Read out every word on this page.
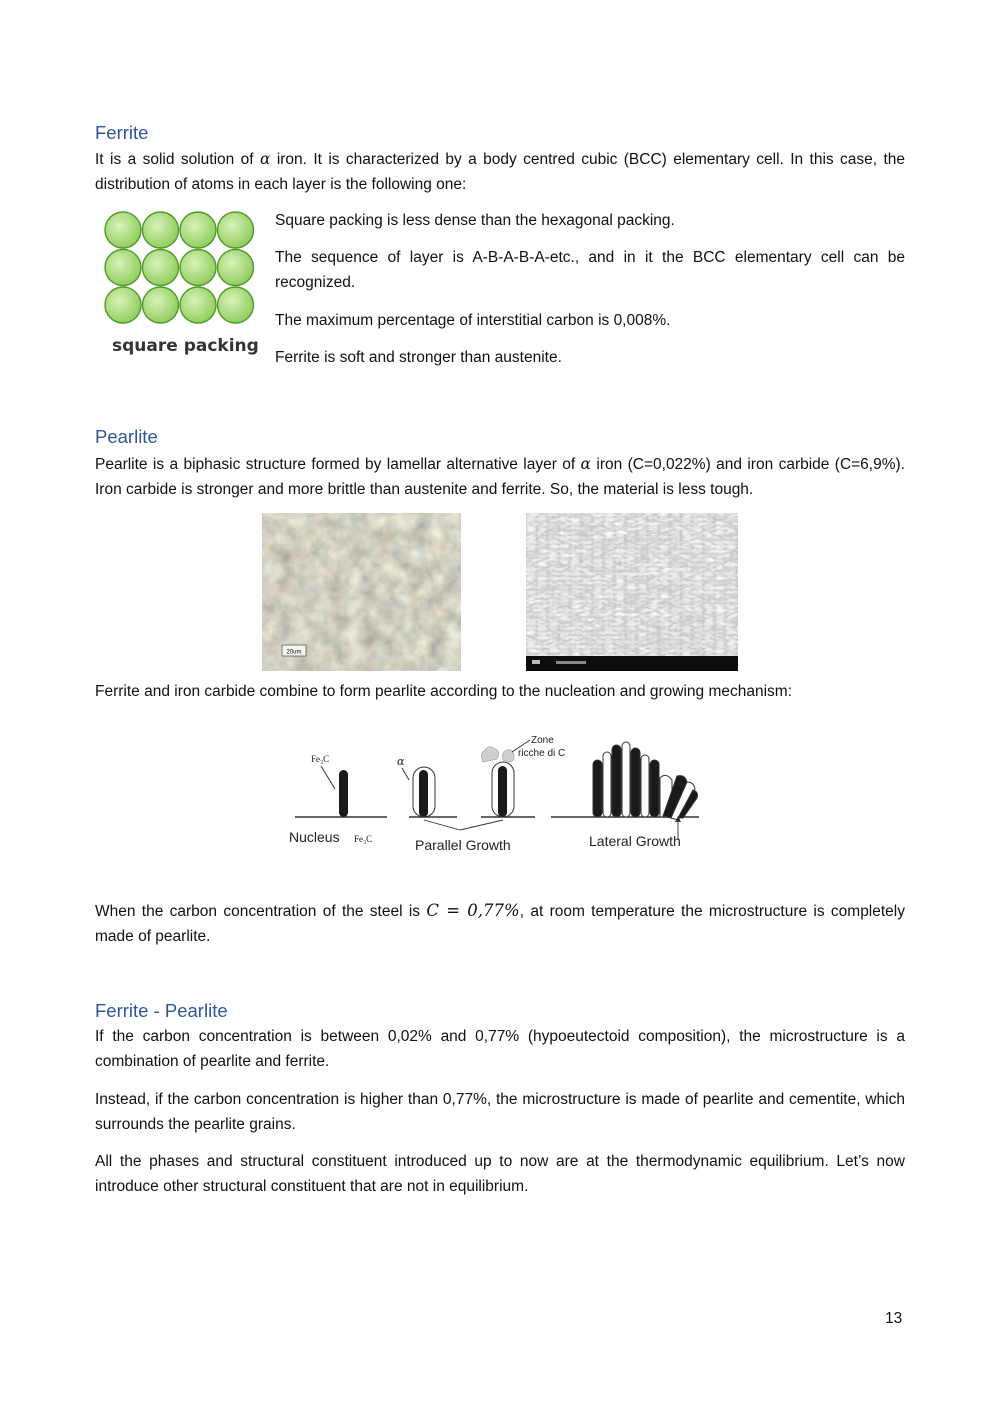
Ferrite

It is a solid solution of α iron. It is characterized by a body centred cubic (BCC) elementary cell. In this case, the distribution of atoms in each layer is the following one:

square packing

Square packing is less dense than the hexagonal packing.

The sequence of layer is A-B-A-B-A-etc., and in it the BCC elementary cell can be recognized.

The maximum percentage of interstitial carbon is 0,008%.

Ferrite is soft and stronger than austenite.

Pearlite

Pearlite is a biphasic structure formed by lamellar alternative layer of α iron (C=0,022%) and iron carbide (C=6,9%). Iron carbide is stronger and more brittle than austenite and ferrite. So, the material is less tough.

20um

Ferrite and iron carbide combine to form pearlite according to the nucleation and growing mechanism:

Fe₃C
Nucleus Fe₃C
α
Zone
ricche di C
Parallel Growth	Lateral Growth

When the carbon concentration of the steel is C = 0,77%, at room temperature the microstructure is completely made of pearlite.

Ferrite - Pearlite

If the carbon concentration is between 0,02% and 0,77% (hypoeutectoid composition), the microstructure is a combination of pearlite and ferrite.

Instead, if the carbon concentration is higher than 0,77%, the microstructure is made of pearlite and cementite, which surrounds the pearlite grains.

All the phases and structural constituent introduced up to now are at the thermodynamic equilibrium. Let’s now introduce other structural constituent that are not in equilibrium.

13
